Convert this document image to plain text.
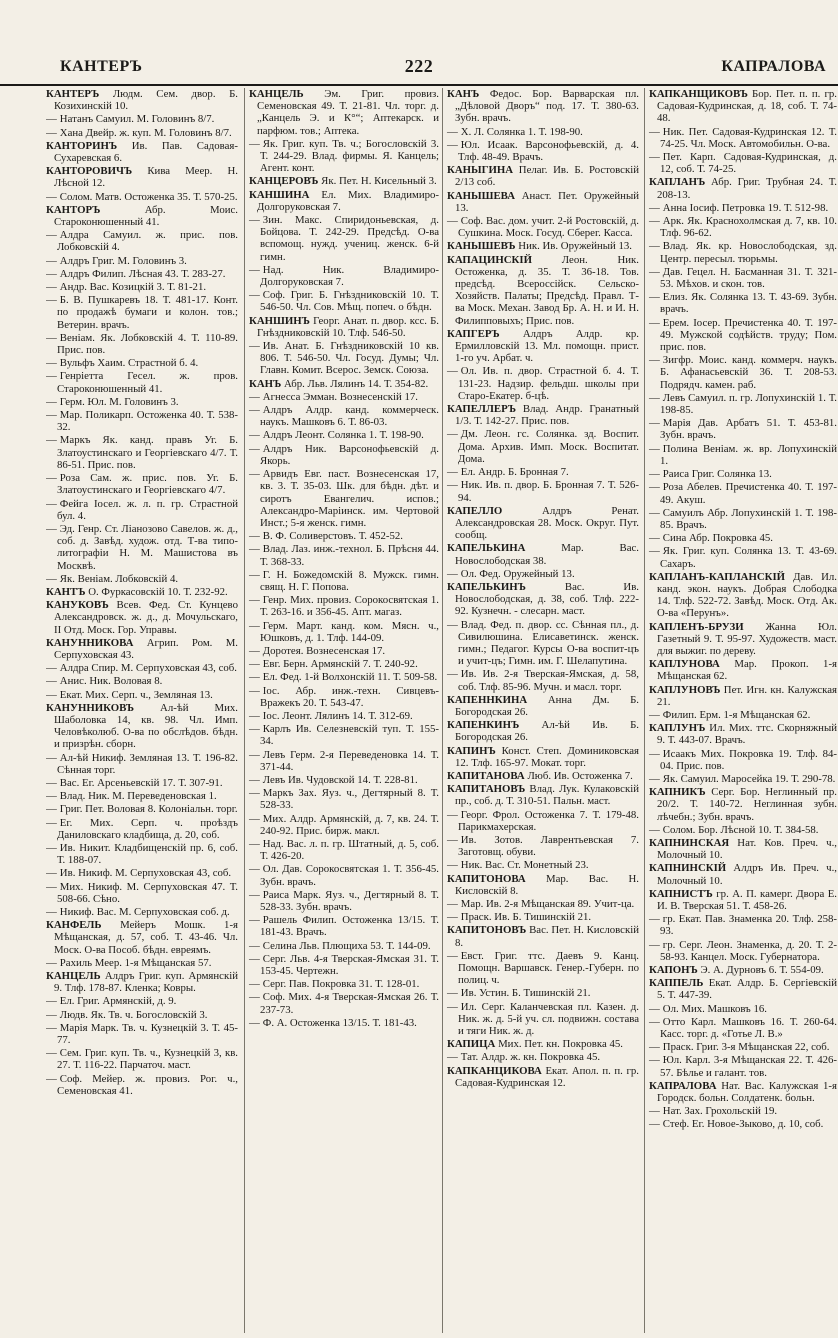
КАНТЕРЪ	222	КАПРАЛОВА
КАНТЕРЪ Людм. Сем. двор. Б. Козихинскій 10.
— Натанъ Самуил. М. Головинъ 8/7.
— Хана Двейр. ж. куп. М. Головинъ 8/7.
КАНТОРИНЪ Ив. Пав. Садовая-Сухаревская 6.
КАНТОРОВИЧЪ Кива Меер. Н. Лѣсной 12.
— Солом. Матв. Остоженка 35. Т. 570-25.
КАНТОРЪ	Абр. Моис. Староконюшенный 41.
— Алдра Самуил. ж. прис. пов. Лобковскій 4.
— Алдръ Григ. М. Головинъ 3.
— Алдръ Филип. Лѣсная 43. Т. 283-27.
— Андр. Вас. Козицкій 3. Т. 81-21.
— Б. В. Пушкаревъ 18. Т. 481-17. Конт. по продажѣ бумаги и колон. тов.; Ветерин. врачъ.
— Веніам. Як. Лобковскій 4. Т. 110-89. Прис. пов.
— Вульфъ Хаим. Страстной б. 4.
— Генріетта Гесел. ж. пров. Староконюшенный 41.
— Герм. Юл. М. Головинъ 3.
— Мар. Поликарп. Остоженка 40. Т. 538-32.
— Маркъ Як. канд. правъ Уг. Б. Златоустинскаго и Георгіевскаго 4/7. Т. 86-51. Прис. пов.
— Роза Сам. ж. прис. пов. Уг. Б. Златоустинскаго и Георгіевскаго 4/7.
— Фейга Іосел. ж. л. п. гр. Страстной бул. 4.
— Эд. Генр. Ст. Ліанозово Савелов. ж. д., соб. д. Завѣд. худож. отд. Т-ва типо-литографіи Н. М. Машистова въ Москвѣ.
— Як. Веніам. Лобковскій 4.
КАНТЪ О. Фуркасовскій 10. Т. 232-92.
КАНУКОВЪ Всев. Фед. Ст. Кунцево Александровск. ж. д., д. Мочульскаго, II Отд. Моск. Гор. Управы.
КАНУННИКОВА Агрип. Ром. М. Серпуховская 43.
— Алдра Спир. М. Серпуховская 43, соб.
— Анис. Ник. Воловая 8.
— Екат. Мих. Серп. ч., Земляная 13.
КАНУННИКОВЪ Ал-ѣй Мих. Шаболовка 14, кв. 98. Чл. Имп. Человѣколюб. О-ва по обслѣдов. бѣдн. и призрѣн. сборн.
— Ал-ѣй Никиф. Земляная 13. Т. 196-82. Сѣнная торг.
— Вас. Ег. Арсеньевскій 17. Т. 307-91.
— Влад. Ник. М. Переведеновская 1.
— Григ. Пет. Воловая 8. Колоніальн. торг.
— Ег. Мих. Серп. ч. проѣздъ Даниловскаго кладбища, д. 20, соб.
— Ив. Никит. Кладбищенскій пр. 6, соб. Т. 188-07.
— Ив. Никиф. М. Серпуховская 43, соб.
— Мих. Никиф. М. Серпуховская 47. Т. 508-66. Сѣно.
— Никиф. Вас. М. Серпуховская соб. д.
КАНФЕЛЬ Мейеръ Мошк. 1-я Мѣщанская, д. 57, соб. Т. 43-46. Чл. Моск. О-ва Пособ. бѣдн. евреямъ.
— Рахиль Меер. 1-я Мѣщанская 57.
КАНЦЕЛЬ Алдръ Григ. куп. Армянскій 9. Тлф. 178-87. Кленка; Ковры.
— Ел. Григ. Армянскій, д. 9.
— Людв. Як. Тв. ч. Богословскій 3.
— Марія Марк. Тв. ч. Кузнецкій 3. Т. 45-77.
— Сем. Григ. куп. Тв. ч., Кузнецкій 3, кв. 27. Т. 116-22. Парчаточ. маст.
— Соф. Мейер. ж. провиз. Рог. ч., Семеновская 41.
КАНЦЕЛЬ Эм. Григ. провиз. Семеновская 49. Т. 21-81. Чл. торг. д. „Канцель Э. и К°“; Аптекарск. и парфюм. тов.; Аптека.
— Як. Григ. куп. Тв. ч.; Богословскій 3. Т. 244-29. Влад. фирмы. Я. Канцель; Агент. конт.
КАНЦЕРОВЪ Як. Пет. Н. Кисельный 3.
КАНШИНА Ел. Мих. Владимиро-Долгоруковская 7.
— Зин. Макс. Спиридоньевская, д. Бойцова. Т. 242-29. Предсѣд. О-ва вспомощ. нужд. учениц. женск. 6-й гимн.
— Над. Ник. Владимиро-Долгоруковская 7.
— Соф. Григ. Б. Гнѣздниковскій 10. Т. 546-50. Чл. Сов. Мѣщ. попеч. о бѣдн.
КАНШИНЪ Георг. Анат. п. двор. ксс. Б. Гнѣздниковскій 10. Тлф. 546-50.
— Ив. Анат. Б. Гнѣздниковскій 10 кв. 806. Т. 546-50. Чл. Госуд. Думы; Чл. Главн. Комит. Всерос. Земск. Союза.
КАНЪ Абр. Льв. Лялинъ 14. Т. 354-82.
— Агнесса Эмман. Вознесенскій 17.
— Алдръ Алдр. канд. коммерческ. наукъ. Машковъ 6. Т. 86-03.
— Алдръ Леонт. Солянка 1. Т. 198-90.
— Алдръ Ник. Варсонофьевскій д. Якорь.
— Арвидъ Евг. паст. Вознесенская 17, кв. 3. Т. 35-03. Шк. для бѣдн. дѣт. и сиротъ Евангелич. испов.; Александро-Маріинск. им. Чертовой Инст.; 5-я женск. гимн.
— В. Ф. Соливерстовъ. Т. 452-52.
— Влад. Лаз. инж.-технол. Б. Прѣсня 44. Т. 368-33.
— Г. Н. Божедомскій 8. Мужск. гимн. свящ. Н. Г. Попова.
— Генр. Мих. провиз. Сорокосвятская 1. Т. 263-16. и 356-45. Апт. магаз.
— Герм. Март. канд. ком. Мясн. ч., Юшковъ, д. 1. Тлф. 144-09.
— Доротея. Вознесенская 17.
— Евг. Берн. Армянскій 7. Т. 240-92.
— Ел. Фед. 1-й Волхонскій 11. Т. 509-58.
— Іос. Абр. инж.-техн. Сивцевъ-Вражекъ 20. Т. 543-47.
— Іос. Леонт. Лялинъ 14. Т. 312-69.
— Карлъ Ив. Селезневскій туп. Т. 155-34.
— Левъ Герм. 2-я Переведеновка 14. Т. 371-44.
— Левъ Ив. Чудовской 14. Т. 228-81.
— Маркъ Зах. Яуз. ч., Дегтярный 8. Т. 528-33.
— Мих. Алдр. Армянскій, д. 7, кв. 24. Т. 240-92. Прис. бирж. макл.
— Над. Вас. л. п. гр. Штатный, д. 5, соб. Т. 426-20.
— Ол. Дав. Сорокосвятская 1. Т. 356-45. Зубн. врачъ.
— Раиса Марк. Яуз. ч., Дегтярный 8. Т. 528-33. Зубн. врачъ.
— Рашель Филип. Остоженка 13/15. Т. 181-43. Врачъ.
— Селина Льв. Плющиха 53. Т. 144-09.
— Серг. Льв. 4-я Тверская-Ямская 31. Т. 153-45. Чертежн.
— Серг. Пав. Покровка 31. Т. 128-01.
— Соф. Мих. 4-я Тверская-Ямская 26. Т. 237-73.
— Ф. А. Остоженка 13/15. Т. 181-43.
КАНЪ Федос. Бор. Варварская пл. „Дѣловой Дворъ“ под. 17. Т. 380-63. Зубн. врачъ.
— Х. Л. Солянка 1. Т. 198-90.
— Юл. Исаак. Варсонофьевскій, д. 4. Тлф. 48-49. Врачъ.
КАНЫГИНА Пелаг. Ив. Б. Ростовскій 2/13 соб.
КАНЫШЕВА Анаст. Пет. Оружейный 13.
— Соф. Вас. дом. учит. 2-й Ростовскій, д. Сушкина. Моск. Госуд. Сберег. Касса.
КАНЫШЕВЪ Ник. Ив. Оружейный 13.
КАПАЦИНСКІЙ	Леон. Ник. Остоженка, д. 35. Т. 36-18. Тов. предсѣд. Всероссійск. Сельско-Хозяйств. Палаты; Предсѣд. Правл. Т-ва Моск. Механ. Завод Бр. А. Н. и И. Н. Филипповыхъ; Прис. пов.
КАПГЕРЪ Алдръ Алдр. кр. Ермилловскій 13. Мл. помощн. прист. 1-го уч. Арбат. ч.
— Ол. Ив. п. двор. Страстной б. 4. Т. 131-23. Надзир. фельдш. школы при Старо-Екатер. б-цѣ.
КАПЕЛЛЕРЪ Влад. Андр. Гранатный 1/3. Т. 142-27. Прис. пов.
— Дм. Леон. гс. Солянка. зд. Воспит. Дома. Архив. Имп. Моск. Воспитат. Дома.
— Ел. Андр. Б. Бронная 7.
— Ник. Ив. п. двор. Б. Бронная 7. Т. 526-94.
КАПЕЛЛО	Алдръ Ренат. Александровская 28. Моск. Округ. Пут. сообщ.
КАПЕЛЬКИНА	Мар. Вас. Новослободская 38.
— Ол. Фед. Оружейный 13.
КАПЕЛЬКИНЪ	Вас. Ив. Новослободская, д. 38, соб. Тлф. 222-92. Кузнечн. - слесарн. маст.
— Влад. Фед. п. двор. сс. Сѣнная пл., д. Сивилюшина. Елисаветинск. женск. гимн.; Педагог. Курсы О-ва воспит-цъ и учит-цъ; Гимн. им. Г. Шелапутина.
— Ив. Ив. 2-я Тверская-Ямская, д. 58, соб. Тлф. 85-96. Мучн. и масл. торг.
КАПЕННКИНА Анна Дм. Б. Богородская 26.
КАПЕНКИНЪ Ал-ѣй Ив. Б. Богородская 26.
КАПИНЪ Конст. Степ. Доминиковская 12. Тлф. 165-97. Мокат. торг.
КАПИТАНОВА Люб. Ив. Остоженка 7.
КАПИТАНОВЪ Влад. Лук. Кулаковскій пр., соб. д. Т. 310-51. Пальн. маст.
— Георг. Фрол. Остоженка 7. Т. 179-48. Парикмахерская.
— Ив. Зотов. Лаврентьевская 7. Заготовщ. обуви.
— Ник. Вас. Ст. Монетный 23.
КАПИТОНОВА Мар. Вас. Н. Кисловскій 8.
— Мар. Ив. 2-я Мѣщанская 89. Учит-ца.
— Праск. Ив. Б. Тишинскій 21.
КАПИТОНОВЪ Вас. Пет. Н. Кисловскій 8.
— Евст. Григ. ттс. Даевъ 9. Канц. Помощн. Варшавск. Генер.-Губерн. по полиц. ч.
— Ив. Устин. Б. Тишинскій 21.
— Ил. Серг. Каланчевская пл. Казен. д. Ник. ж. д. 5-й уч. сл. подвижн. состава и тяги Ник. ж. д.
КАПИЦА Мих. Пет. кн. Покровка 45.
— Тат. Алдр. ж. кн. Покровка 45.
КАПКАНЦИКОВА Екат. Апол. п. п. гр. Садовая-Кудринская 12.
КАПКАНЩИКОВЪ Бор. Пет. п. п. гр. Садовая-Кудринская, д. 18, соб. Т. 74-48.
— Ник. Пет. Садовая-Кудринская 12. Т. 74-25. Чл. Моск. Автомобильн. О-ва.
— Пет. Карп. Садовая-Кудринская, д. 12, соб. Т. 74-25.
КАПЛАНЪ Абр. Григ. Трубная 24. Т. 208-13.
— Анна Іосиф. Петровка 19. Т. 512-98.
— Арк. Як. Краснохолмская д. 7, кв. 10. Тлф. 96-62.
— Влад. Як. кр. Новослободская, зд. Центр. пересыл. тюрьмы.
— Дав. Гецел. Н. Басманная 31. Т. 321-53. Мѣхов. и скон. тов.
— Елиз. Як. Солянка 13. Т. 43-69. Зубн. врачъ.
— Ерем. Іосер. Пречистенка 40. Т. 197-49. Мужской содѣйств. труду; Пом. прис. пов.
— Зигфр. Моис. канд. коммерч. наукъ. Б. Афанасьевскій 36. Т. 208-53. Подрядч. камен. раб.
— Левъ Самуил. п. гр. Лопухинскій 1. Т. 198-85.
— Марія Дав. Арбатъ 51. Т. 453-81. Зубн. врачъ.
— Полина Веніам. ж. вр. Лопухинскій 1.
— Раиса Григ. Солянка 13.
— Роза Абелев. Пречистенка 40. Т. 197-49. Акуш.
— Самуилъ Абр. Лопухинскій 1. Т. 198-85. Врачъ.
— Сина Абр. Покровка 45.
— Як. Григ. куп. Солянка 13. Т. 43-69. Сахаръ.
КАПЛАНЪ-КАПЛАНСКІЙ Дав. Ил. канд. экон. наукъ. Добрая Слободка 14. Тлф. 522-72. Завѣд. Моск. Отд. Ак. О-ва «Перунъ».
КАПЛЕНЪ-БРУЗИ Жанна Юл. Газетный 9. Т. 95-97. Художеств. маст. для выжиг. по дереву.
КАПЛУНОВА Мар. Прокоп. 1-я Мѣщанская 62.
КАПЛУНОВЪ Пет. Игн. кн. Калужская 21.
— Филип. Ерм. 1-я Мѣщанская 62.
КАПЛУНЪ Ил. Мих. ттс. Скорняжный 9. Т. 443-07. Врачъ.
— Исаакъ Мих. Покровка 19. Тлф. 84-04. Прис. пов.
— Як. Самуил. Маросейка 19. Т. 290-78.
КАПНИКЪ Серг. Бор. Неглинный пр. 20/2. Т. 140-72. Неглинная зубн. лѣчебн.; Зубн. врачъ.
— Солом. Бор. Лѣсной 10. Т. 384-58.
КАПНИНСКАЯ Нат. Ков. Преч. ч., Молочный 10.
КАПНИНСКІЙ Алдръ Ив. Преч. ч., Молочный 10.
КАПНИСТЪ гр. А. П. камерг. Двора Е. И. В. Тверская 51. Т. 458-26.
— гр. Екат. Пав. Знаменка 20. Тлф. 258-93.
— гр. Серг. Леон. Знаменка, д. 20. Т. 2-58-93. Канцел. Моск. Губернатора.
КАПОНЪ Э. А. Дурновъ 6. Т. 554-09.
КАППЕЛЬ Екат. Алдр. Б. Сергіевскій 5. Т. 447-39.
— Ол. Мих. Машковъ 16.
— Отто Карл. Машковъ 16. Т. 260-64. Касс. торг. д. «Готье Л. В.»
— Праск. Григ. 3-я Мѣщанская 22, соб.
— Юл. Карл. 3-я Мѣщанская 22. Т. 426-57. Бѣлье и галант. тов.
КАПРАЛОВА Нат. Вас. Калужская 1-я Городск. больн. Солдатенк. больн.
— Нат. Зах. Грохольскій 19.
— Стеф. Ег. Новое-Зыково, д. 10, соб.
